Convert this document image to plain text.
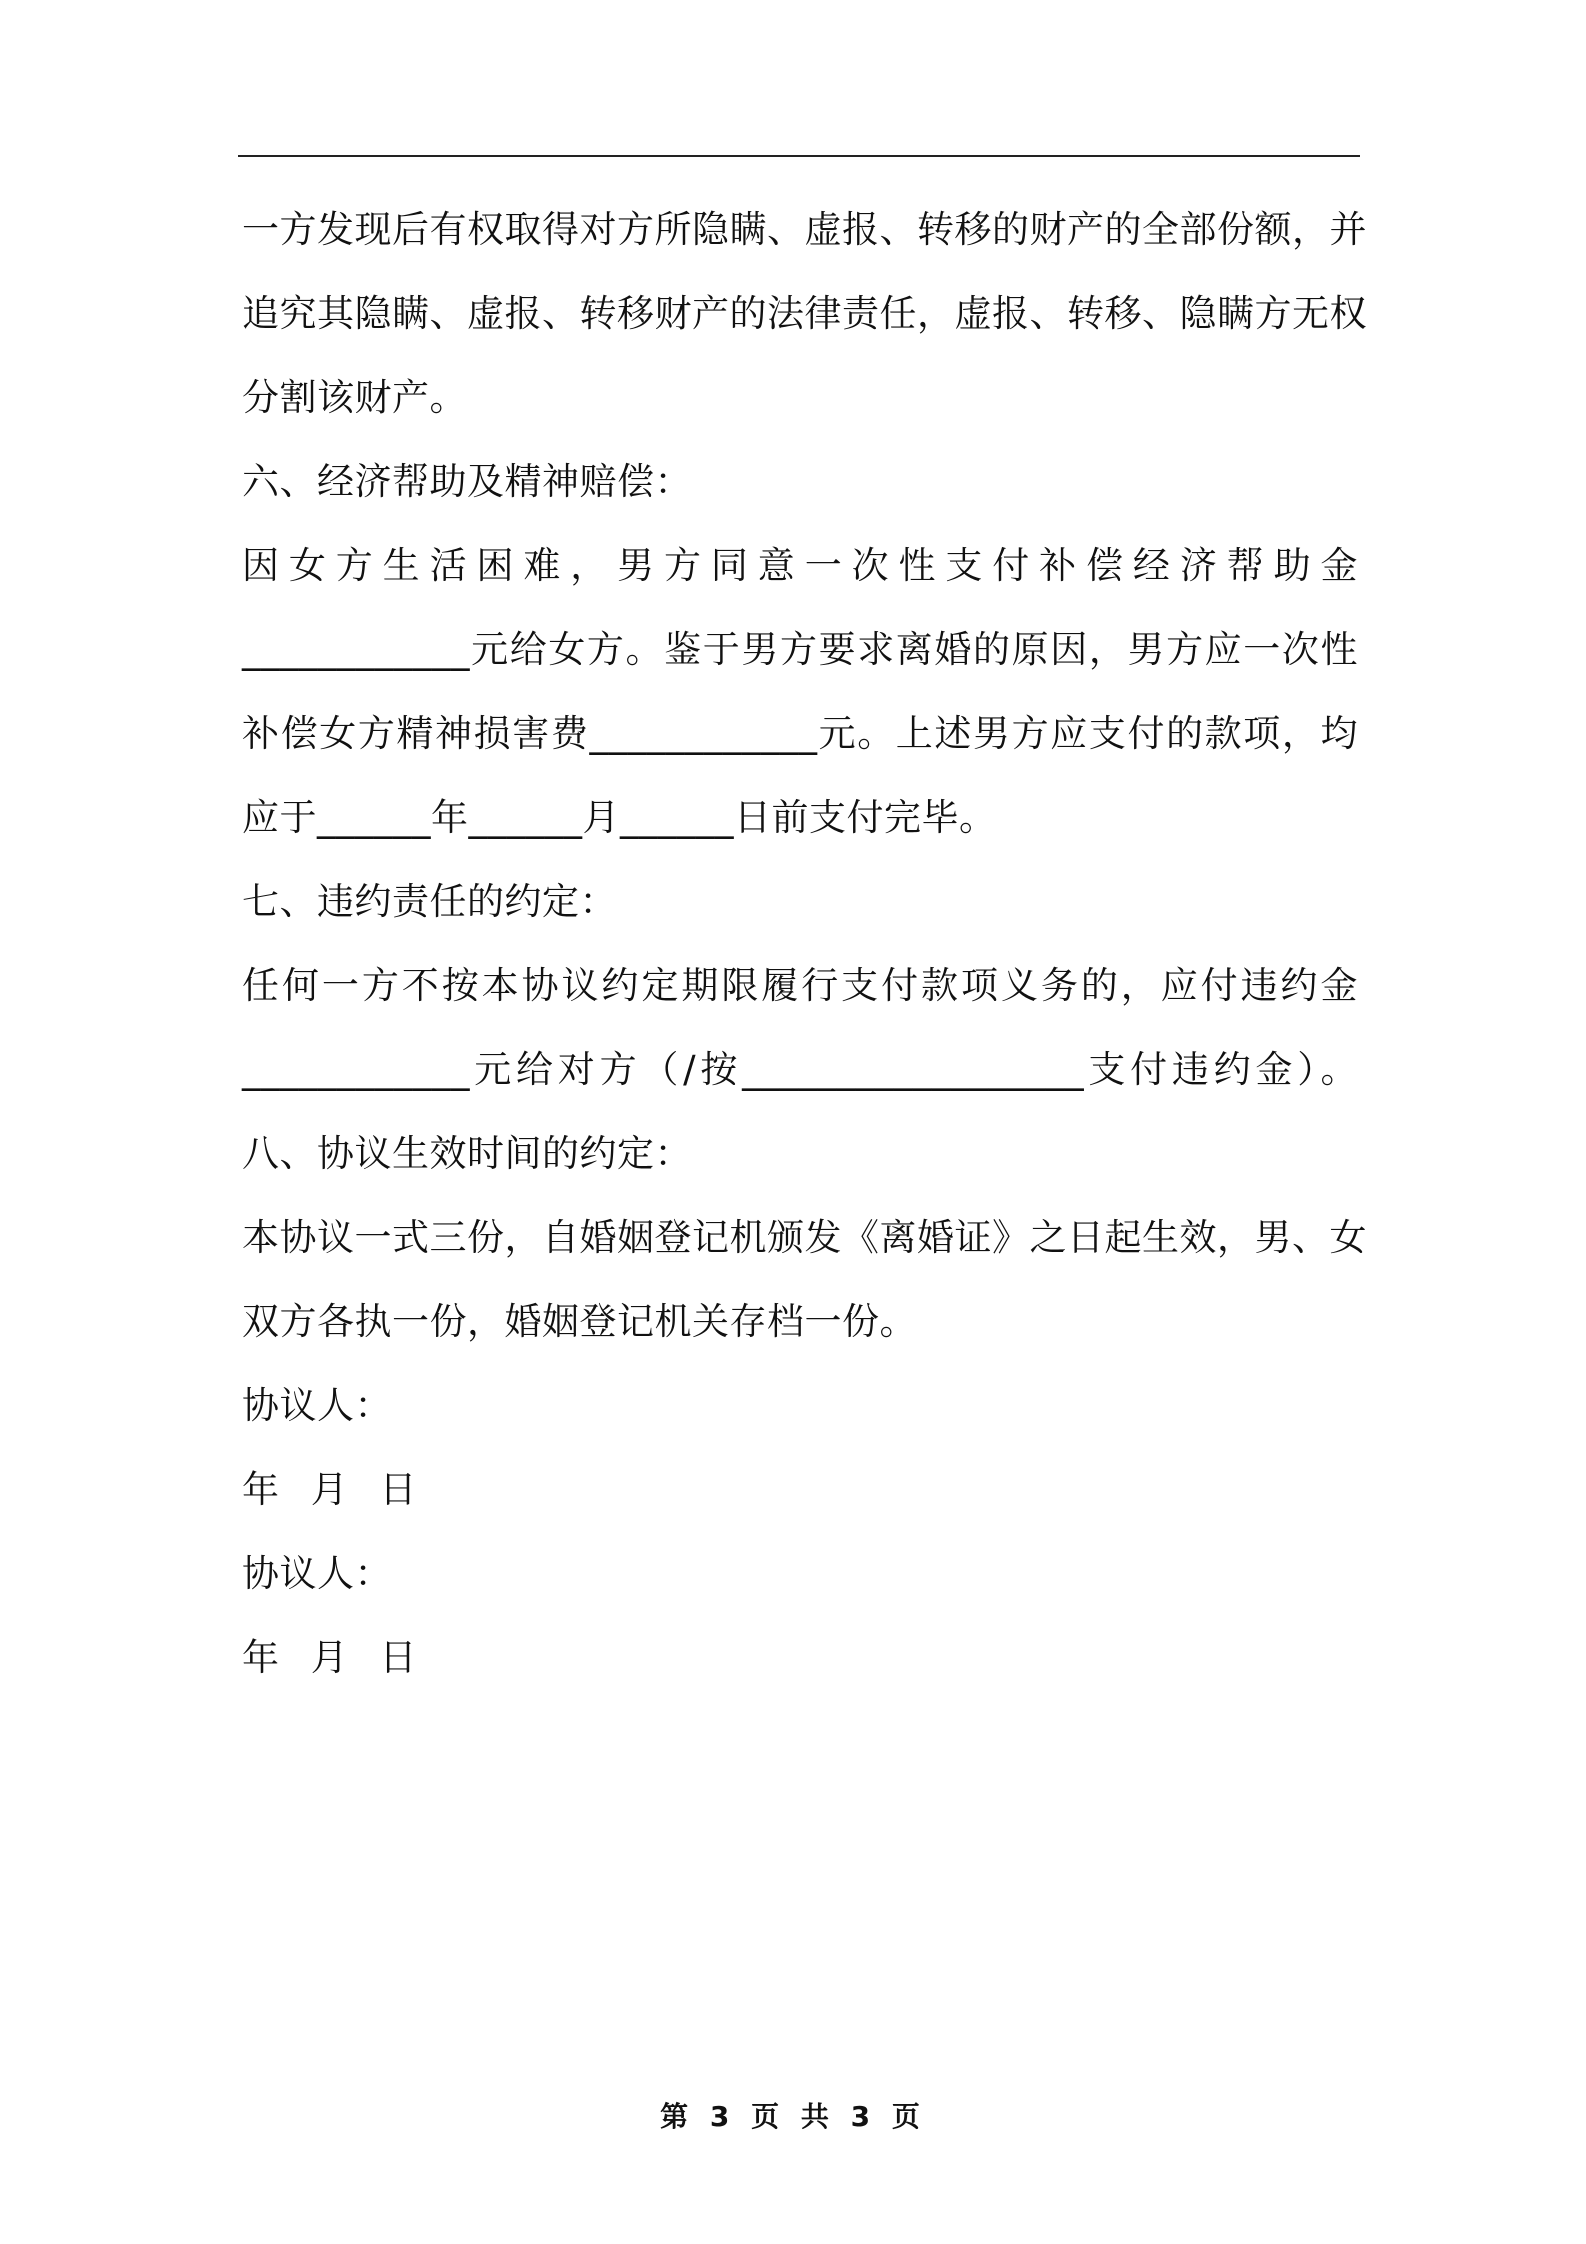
一方发现后有权取得对方所隐瞒、虚报、转移的财产的全部份额，并
追究其隐瞒、虚报、转移财产的法律责任，虚报、转移、隐瞒方无权
分割该财产。
六、经济帮助及精神赔偿：
因女方生活困难，男方同意一次性支付补偿经济帮助金
____________元给女方。鉴于男方要求离婚的原因，男方应一次性
补偿女方精神损害费____________元。上述男方应支付的款项，均
应于______年______月______日前支付完毕。
七、违约责任的约定：
任何一方不按本协议约定期限履行支付款项义务的，应付违约金
____________元给对方（/按__________________支付违约金）。
八、协议生效时间的约定：
本协议一式三份，自婚姻登记机颁发《离婚证》之日起生效，男、女
双方各执一份，婚姻登记机关存档一份。
协议人：
年 月 日
协议人：
年 月 日
第 3 页 共 3 页
